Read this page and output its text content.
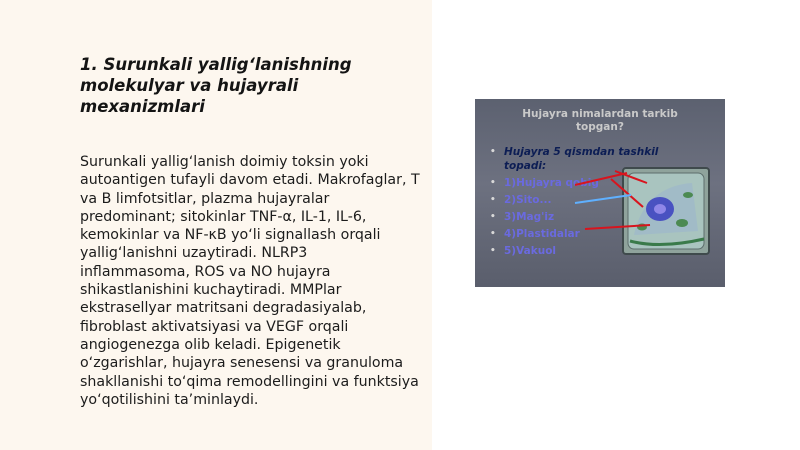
1. Surunkali yallig‘lanishning molekulyar va hujayrali mexanizmlari

Surunkali yallig‘lanish doimiy toksin yoki autoantigen tufayli davom etadi. Makrofaglar, T va B limfotsitlar, plazma hujayralar predominant; sitokinlar TNF-α, IL-1, IL-6, kemokinlar va NF-κB yo‘li signallash orqali yallig‘lanishni uzaytiradi. NLRP3 inflammasoma, ROS va NO hujayra shikastlanishini kuchaytiradi. MMPlar ekstrasellyar matritsani degradasiyalab, fibroblast aktivatsiyasi va VEGF orqali angiogenezga olib keladi. Epigenetik o‘zgarishlar, hujayra senesensi va granuloma shakllanishi to‘qima remodellingini va funktsiya yo‘qotilishini ta’minlaydi.

Hujayra nimalardan tarkib topgan?
• Hujayra 5 qismdan tashkil topadi:
• 1)Hujayra qobig
• 2)Sito...
• 3)Mag'iz
• 4)Plastidalar
• 5)Vakuol
